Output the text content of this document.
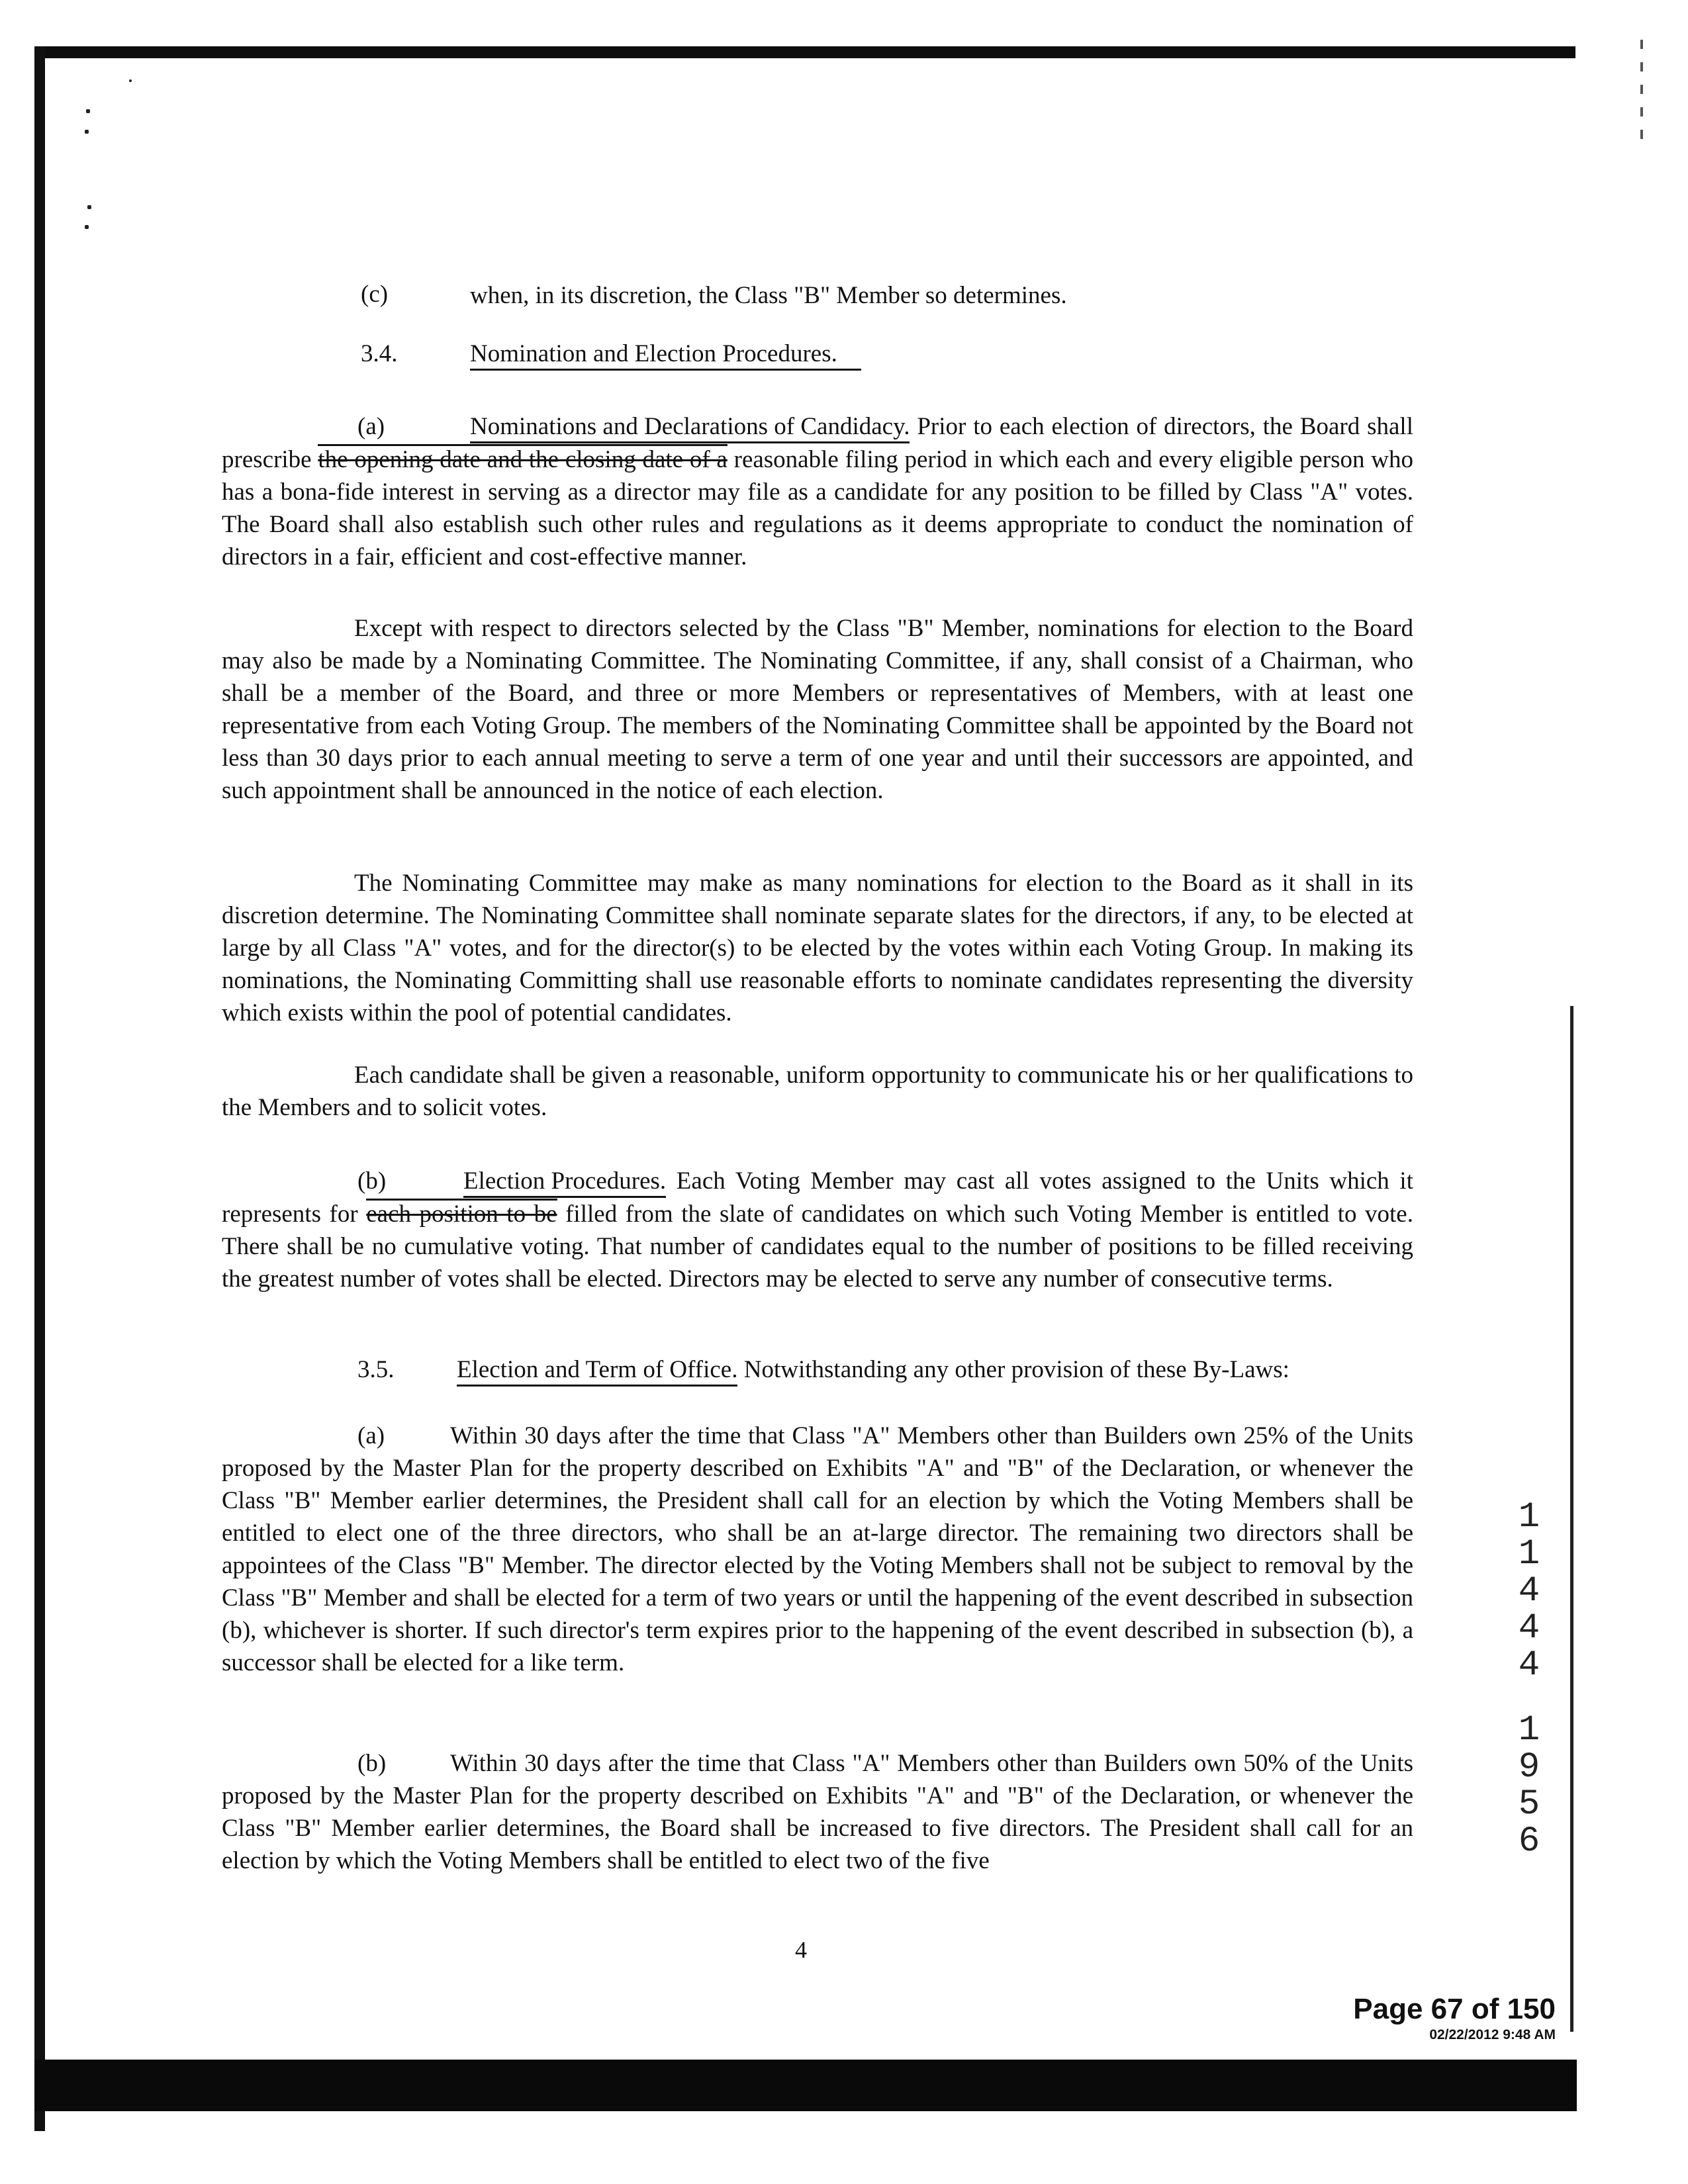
(c)	when, in its discretion, the Class "B" Member so determines.
3.4.	Nomination and Election Procedures.

(a)	Nominations and Declarations of Candidacy. Prior to each election of directors, the Board shall prescribe the opening date and the closing date of a reasonable filing period in which each and every eligible person who has a bona-fide interest in serving as a director may file as a candidate for any position to be filled by Class "A" votes. The Board shall also establish such other rules and regulations as it deems appropriate to conduct the nomination of directors in a fair, efficient and cost-effective manner.

Except with respect to directors selected by the Class "B" Member, nominations for election to the Board may also be made by a Nominating Committee. The Nominating Committee, if any, shall consist of a Chairman, who shall be a member of the Board, and three or more Members or representatives of Members, with at least one representative from each Voting Group. The members of the Nominating Committee shall be appointed by the Board not less than 30 days prior to each annual meeting to serve a term of one year and until their successors are appointed, and such appointment shall be announced in the notice of each election.

The Nominating Committee may make as many nominations for election to the Board as it shall in its discretion determine. The Nominating Committee shall nominate separate slates for the directors, if any, to be elected at large by all Class "A" votes, and for the director(s) to be elected by the votes within each Voting Group. In making its nominations, the Nominating Committing shall use reasonable efforts to nominate candidates representing the diversity which exists within the pool of potential candidates.

Each candidate shall be given a reasonable, uniform opportunity to communicate his or her qualifications to the Members and to solicit votes.

(b)	Election Procedures. Each Voting Member may cast all votes assigned to the Units which it represents for each position to be filled from the slate of candidates on which such Voting Member is entitled to vote. There shall be no cumulative voting. That number of candidates equal to the number of positions to be filled receiving the greatest number of votes shall be elected. Directors may be elected to serve any number of consecutive terms.

3.5.	Election and Term of Office. Notwithstanding any other provision of these By-Laws:

(a)	Within 30 days after the time that Class "A" Members other than Builders own 25% of the Units proposed by the Master Plan for the property described on Exhibits "A" and "B" of the Declaration, or whenever the Class "B" Member earlier determines, the President shall call for an election by which the Voting Members shall be entitled to elect one of the three directors, who shall be an at-large director. The remaining two directors shall be appointees of the Class "B" Member. The director elected by the Voting Members shall not be subject to removal by the Class "B" Member and shall be elected for a term of two years or until the happening of the event described in subsection (b), whichever is shorter. If such director's term expires prior to the happening of the event described in subsection (b), a successor shall be elected for a like term.

(b)	Within 30 days after the time that Class "A" Members other than Builders own 50% of the Units proposed by the Master Plan for the property described on Exhibits "A" and "B" of the Declaration, or whenever the Class "B" Member earlier determines, the Board shall be increased to five directors. The President shall call for an election by which the Voting Members shall be entitled to elect two of the five

4
1
1
4
4
4
1
9
5
6
Page 67 of 150
02/22/2012 9:48 AM
